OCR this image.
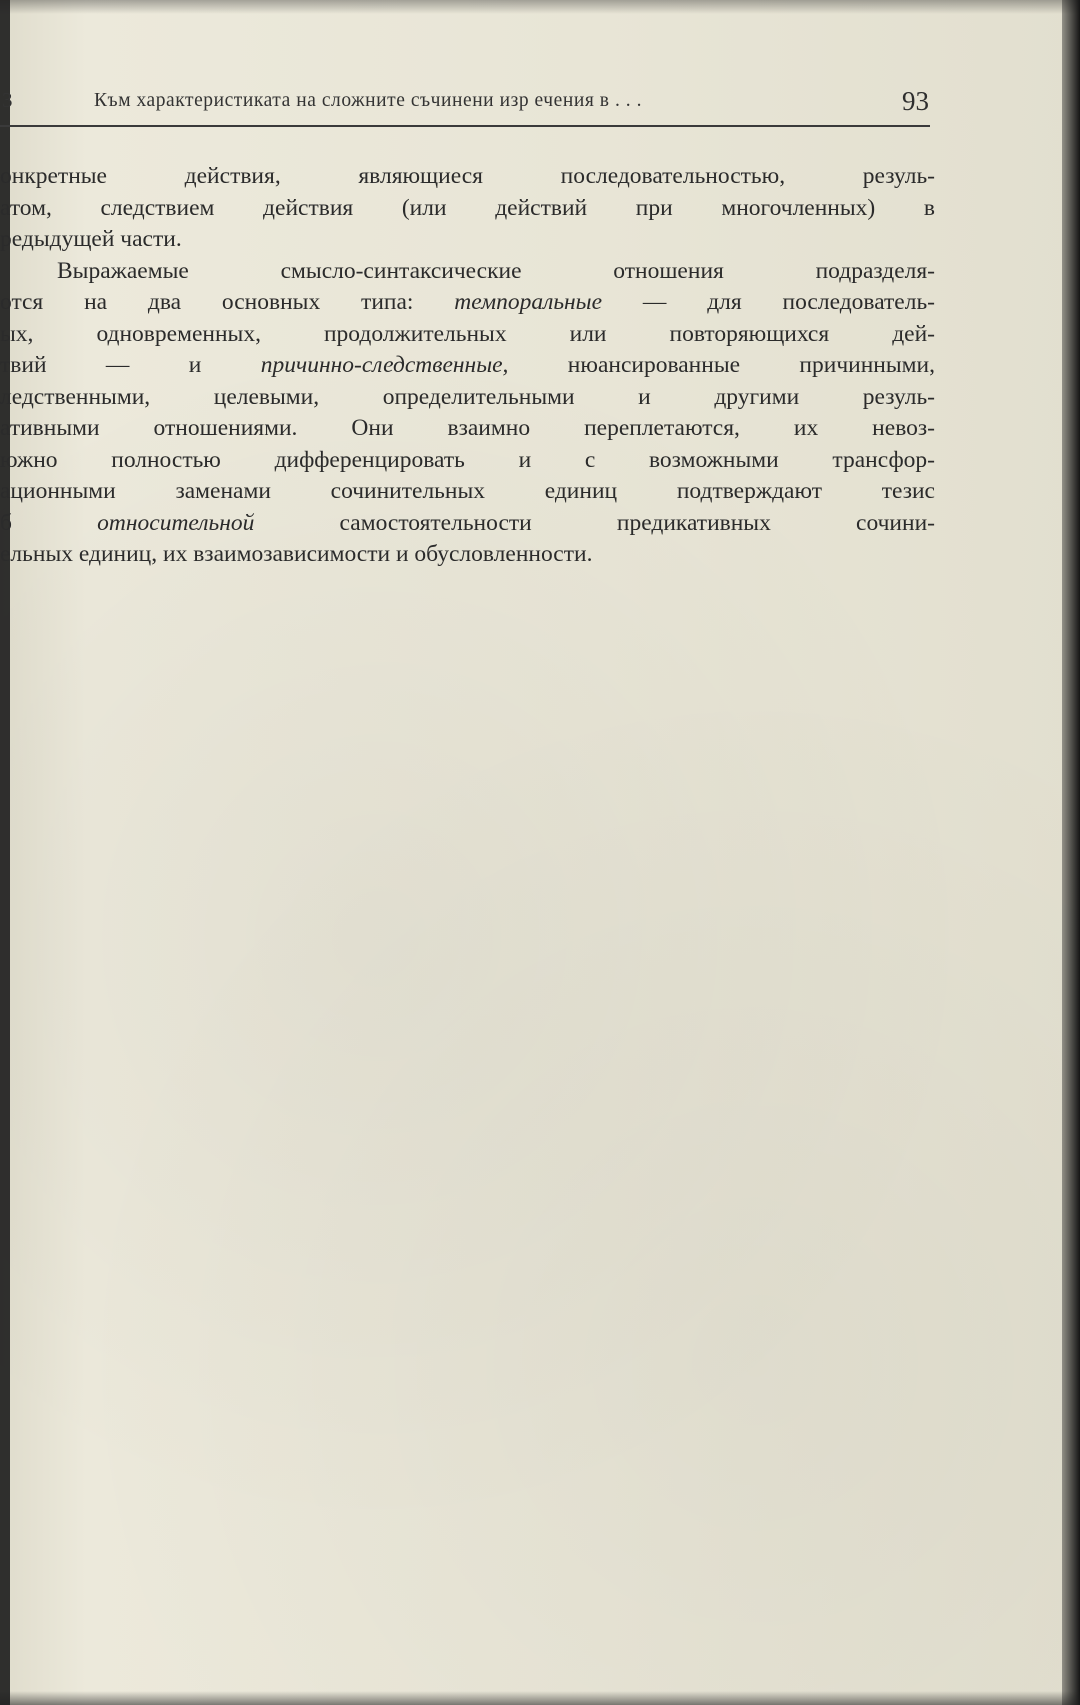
3	Към характеристиката на сложните съчинени изр ечения в . . .	93
онкретные действия, являющиеся последовательностью, резуль-
атом, следствием действия (или действий при многочленных) в
редыдущей части.
Выражаемые смысло-синтаксические отношения подразделя-
отся на два основных типа: темпоральные — для последователь-
ых, одновременных, продолжительных или повторяющихся дей-
твий — и причинно-следственные, нюансированные причинными,
ледственными, целевыми, определительными и другими резуль-
ативными отношениями. Они взаимно переплетаются, их невоз-
южно полностью дифференцировать и с возможными трансфор-
ационными заменами сочинительных единиц подтверждают тезис
б относительной самостоятельности предикативных сочини-
ельных единиц, их взаимозависимости и обусловленности.
